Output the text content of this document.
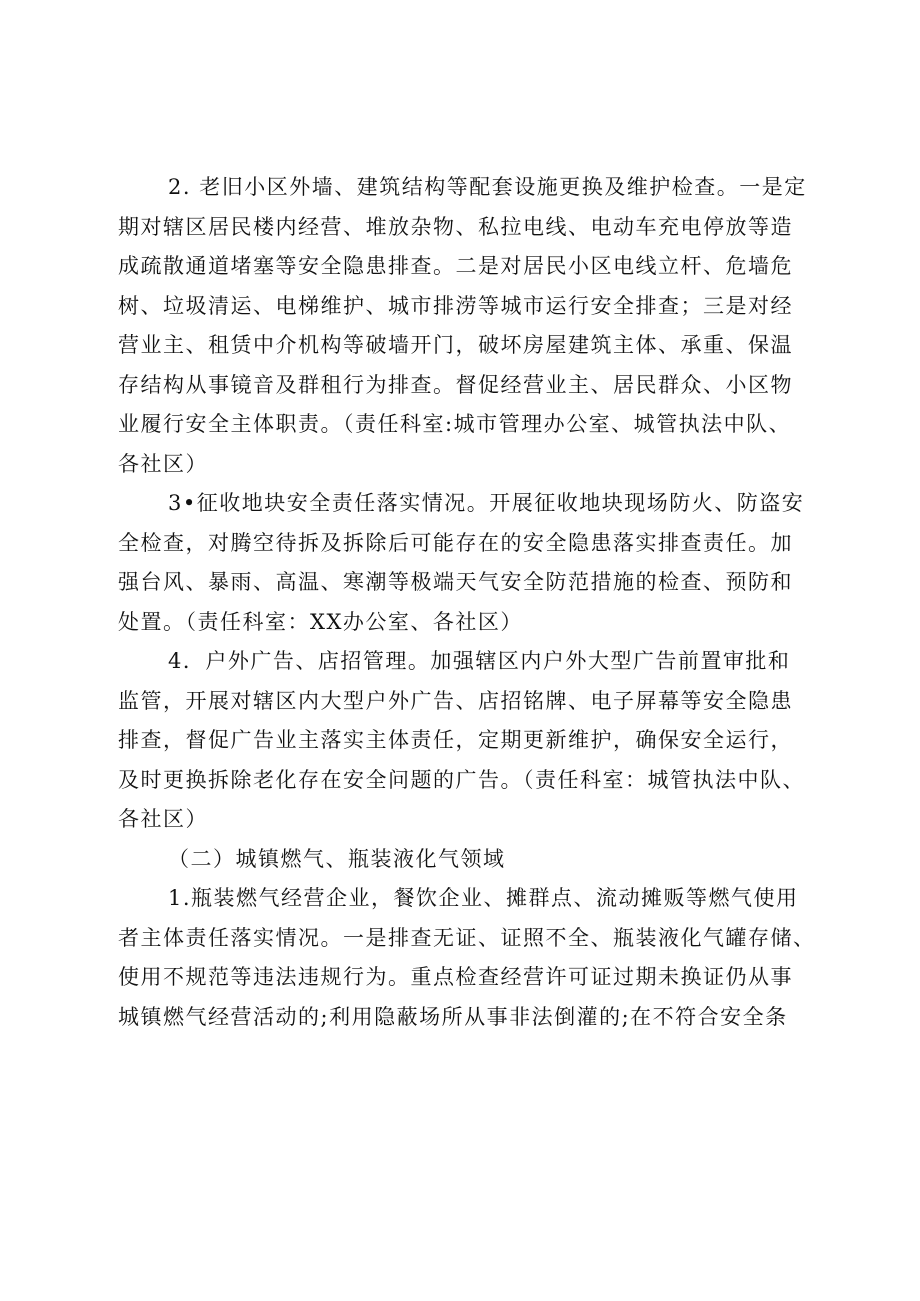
2. 老旧小区外墙、建筑结构等配套设施更换及维护检查。一是定
期对辖区居民楼内经营、堆放杂物、私拉电线、电动车充电停放等造
成疏散通道堵塞等安全隐患排查。二是对居民小区电线立杆、危墙危
树、垃圾清运、电梯维护、城市排涝等城市运行安全排查；三是对经
营业主、租赁中介机构等破墙开门，破坏房屋建筑主体、承重、保温
存结构从事镜音及群租行为排查。督促经营业主、居民群众、小区物
业履行安全主体职责。（责任科室:城市管理办公室、城管执法中队、
各社区）
3•征收地块安全责任落实情况。开展征收地块现场防火、防盗安
全检查，对腾空待拆及拆除后可能存在的安全隐患落实排查责任。加
强台风、暴雨、高温、寒潮等极端天气安全防范措施的检查、预防和
处置。（责任科室：XX办公室、各社区）
4．户外广告、店招管理。加强辖区内户外大型广告前置审批和
监管，开展对辖区内大型户外广告、店招铭牌、电子屏幕等安全隐患
排查，督促广告业主落实主体责任，定期更新维护，确保安全运行，
及时更换拆除老化存在安全问题的广告。（责任科室：城管执法中队、
各社区）
（二）城镇燃气、瓶装液化气领域
1.瓶装燃气经营企业，餐饮企业、摊群点、流动摊贩等燃气使用
者主体责任落实情况。一是排查无证、证照不全、瓶装液化气罐存储、
使用不规范等违法违规行为。重点检查经营许可证过期未换证仍从事
城镇燃气经营活动的;利用隐蔽场所从事非法倒灌的;在不符合安全条
